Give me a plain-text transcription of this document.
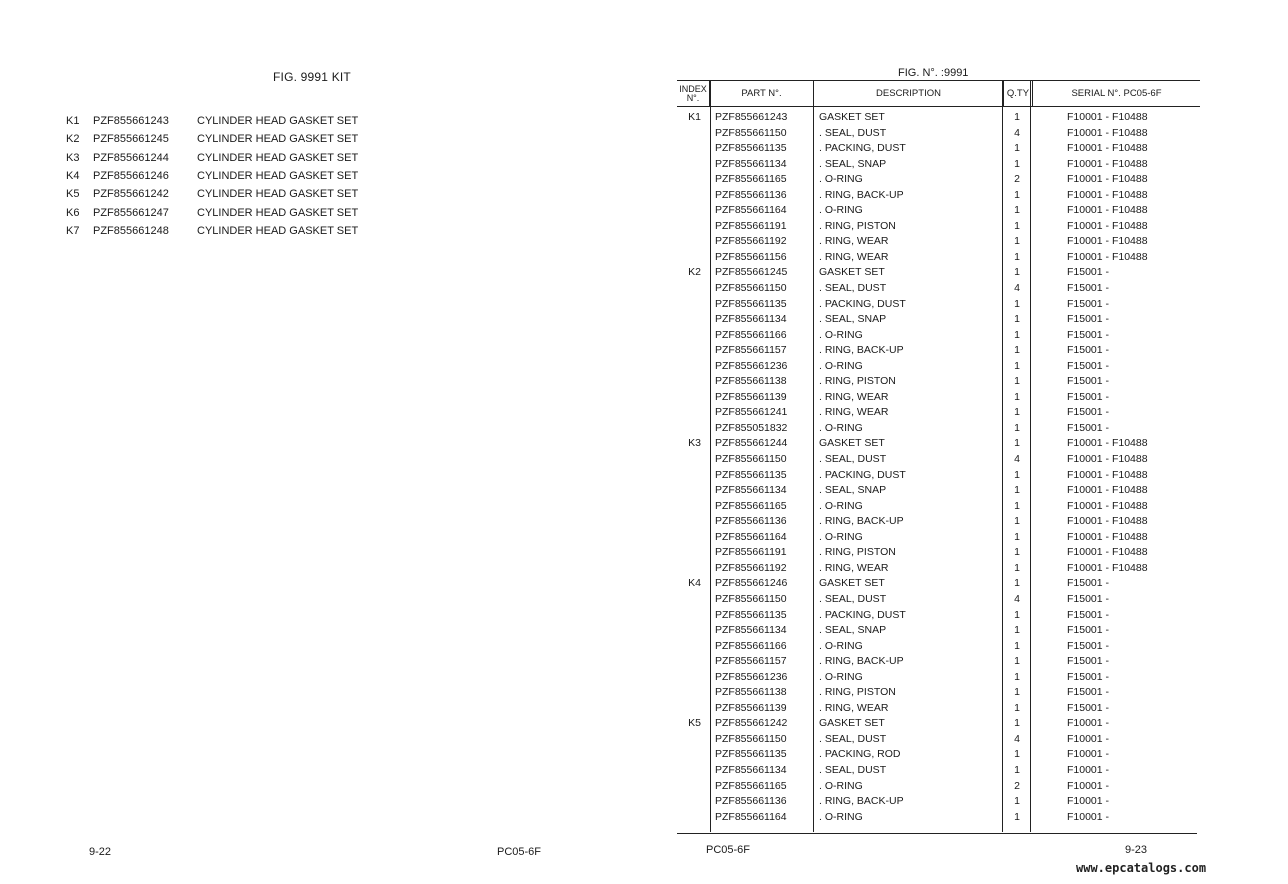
FIG. 9991 KIT
K1	PZF855661243	CYLINDER HEAD GASKET SET
K2	PZF855661245	CYLINDER HEAD GASKET SET
K3	PZF855661244	CYLINDER HEAD GASKET SET
K4	PZF855661246	CYLINDER HEAD GASKET SET
K5	PZF855661242	CYLINDER HEAD GASKET SET
K6	PZF855661247	CYLINDER HEAD GASKET SET
K7	PZF855661248	CYLINDER HEAD GASKET SET
9-22	PC05-6F
FIG. N°. :9991
INDEX N°.	PART N°.	DESCRIPTION	Q.TY	SERIAL N°. PC05-6F
K1 PZF855661243	GASKET SET	1	F10001 - F10488
PZF855661150	. SEAL, DUST	4	F10001 - F10488
PZF855661135	. PACKING, DUST	1	F10001 - F10488
PZF855661134	. SEAL, SNAP	1	F10001 - F10488
PZF855661165	. O-RING	2	F10001 - F10488
PZF855661136	. RING, BACK-UP	1	F10001 - F10488
PZF855661164	. O-RING	1	F10001 - F10488
PZF855661191	. RING, PISTON	1	F10001 - F10488
PZF855661192	. RING, WEAR	1	F10001 - F10488
PZF855661156	. RING, WEAR	1	F10001 - F10488
K2 PZF855661245	GASKET SET	1	F15001 -
PZF855661150	. SEAL, DUST	4	F15001 -
PZF855661135	. PACKING, DUST	1	F15001 -
PZF855661134	. SEAL, SNAP	1	F15001 -
PZF855661166	. O-RING	1	F15001 -
PZF855661157	. RING, BACK-UP	1	F15001 -
PZF855661236	. O-RING	1	F15001 -
PZF855661138	. RING, PISTON	1	F15001 -
PZF855661139	. RING, WEAR	1	F15001 -
PZF855661241	. RING, WEAR	1	F15001 -
PZF855051832	. O-RING	1	F15001 -
K3 PZF855661244	GASKET SET	1	F10001 - F10488
PZF855661150	. SEAL, DUST	4	F10001 - F10488
PZF855661135	. PACKING, DUST	1	F10001 - F10488
PZF855661134	. SEAL, SNAP	1	F10001 - F10488
PZF855661165	. O-RING	1	F10001 - F10488
PZF855661136	. RING, BACK-UP	1	F10001 - F10488
PZF855661164	. O-RING	1	F10001 - F10488
PZF855661191	. RING, PISTON	1	F10001 - F10488
PZF855661192	. RING, WEAR	1	F10001 - F10488
K4 PZF855661246	GASKET SET	1	F15001 -
PZF855661150	. SEAL, DUST	4	F15001 -
PZF855661135	. PACKING, DUST	1	F15001 -
PZF855661134	. SEAL, SNAP	1	F15001 -
PZF855661166	. O-RING	1	F15001 -
PZF855661157	. RING, BACK-UP	1	F15001 -
PZF855661236	. O-RING	1	F15001 -
PZF855661138	. RING, PISTON	1	F15001 -
PZF855661139	. RING, WEAR	1	F15001 -
K5 PZF855661242	GASKET SET	1	F10001 -
PZF855661150	. SEAL, DUST	4	F10001 -
PZF855661135	. PACKING, ROD	1	F10001 -
PZF855661134	. SEAL, DUST	1	F10001 -
PZF855661165	. O-RING	2	F10001 -
PZF855661136	. RING, BACK-UP	1	F10001 -
PZF855661164	. O-RING	1	F10001 -
PC05-6F	9-23
www.epcatalogs.com
